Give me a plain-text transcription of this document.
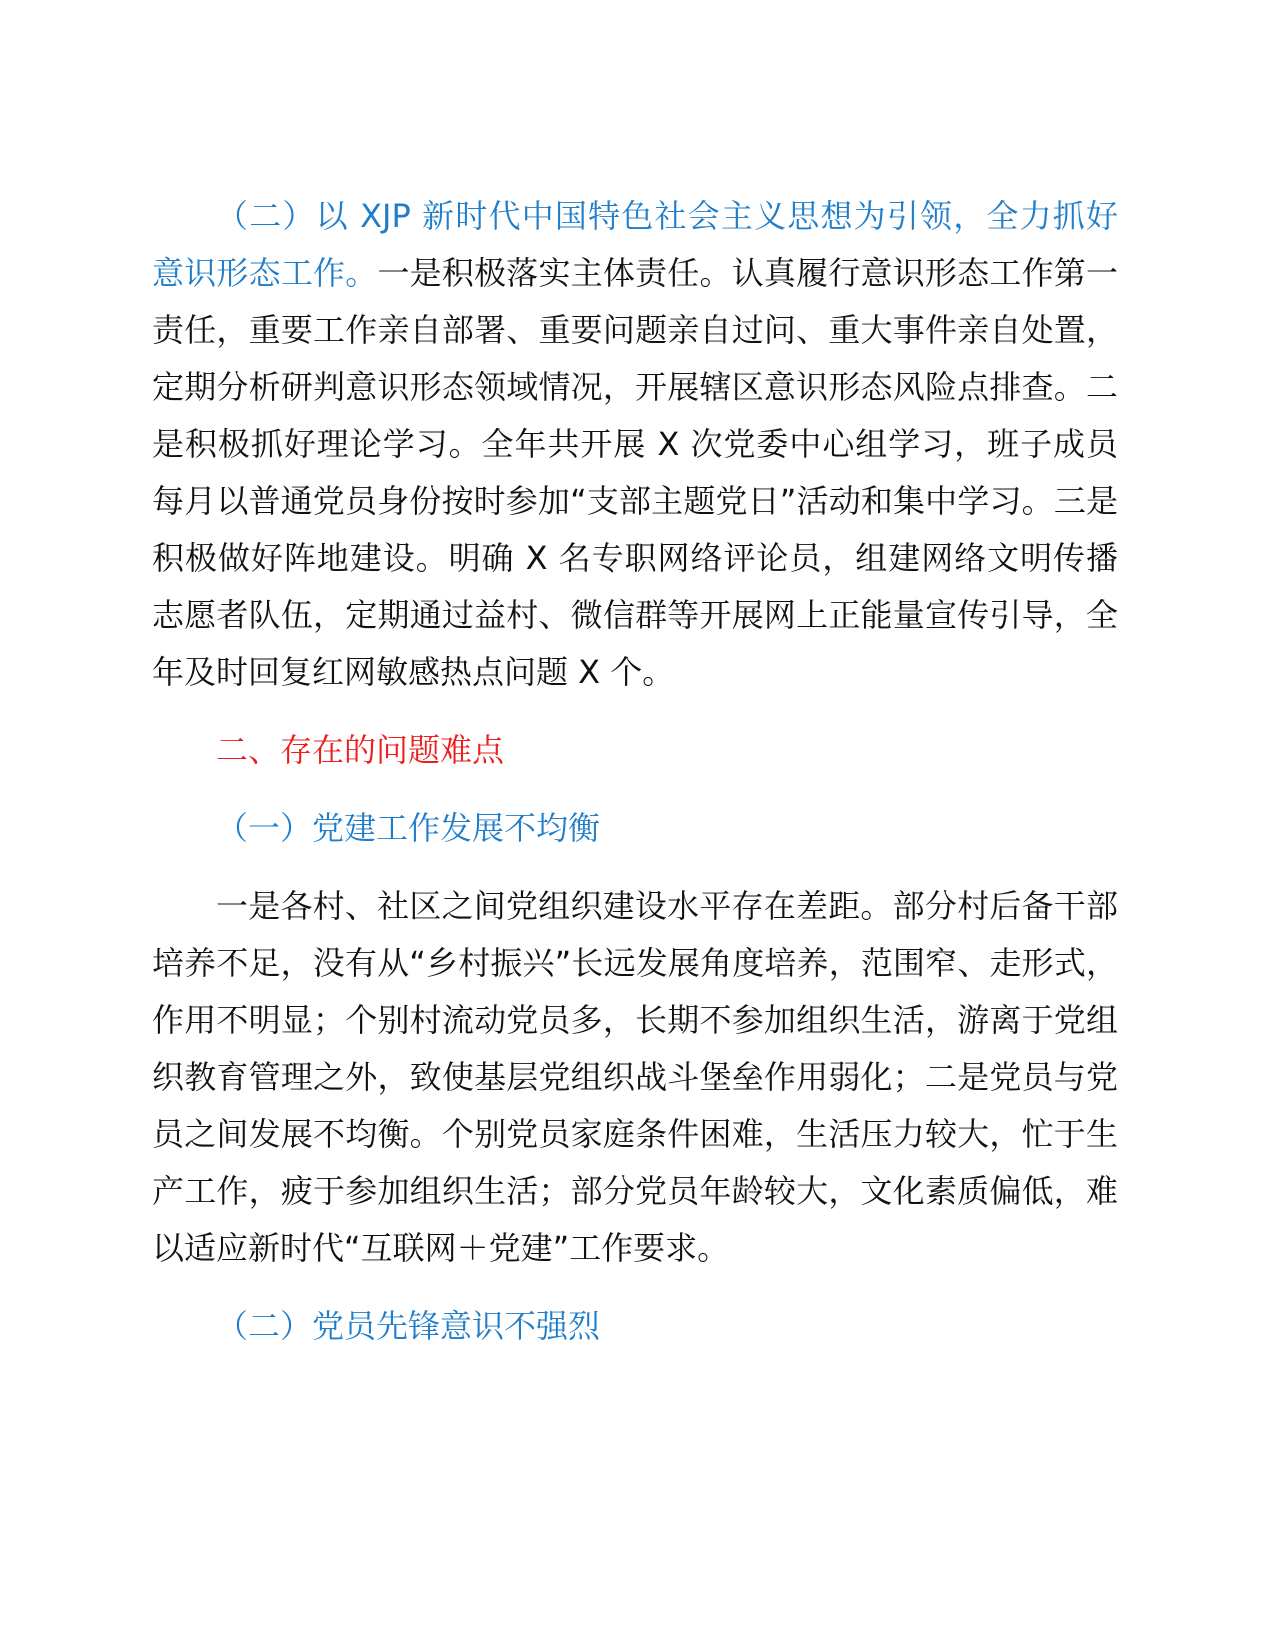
（二）以 XJP 新时代中国特色社会主义思想为引领，全力抓好意识形态工作。一是积极落实主体责任。认真履行意识形态工作第一责任，重要工作亲自部署、重要问题亲自过问、重大事件亲自处置，定期分析研判意识形态领域情况，开展辖区意识形态风险点排查。二是积极抓好理论学习。全年共开展 X 次党委中心组学习，班子成员每月以普通党员身份按时参加“支部主题党日”活动和集中学习。三是积极做好阵地建设。明确 X 名专职网络评论员，组建网络文明传播志愿者队伍，定期通过益村、微信群等开展网上正能量宣传引导，全年及时回复红网敏感热点问题 X 个。

二、存在的问题难点

（一）党建工作发展不均衡

一是各村、社区之间党组织建设水平存在差距。部分村后备干部培养不足，没有从“乡村振兴”长远发展角度培养，范围窄、走形式，作用不明显；个别村流动党员多，长期不参加组织生活，游离于党组织教育管理之外，致使基层党组织战斗堡垒作用弱化；二是党员与党员之间发展不均衡。个别党员家庭条件困难，生活压力较大，忙于生产工作，疲于参加组织生活；部分党员年龄较大，文化素质偏低，难以适应新时代“互联网＋党建”工作要求。

（二）党员先锋意识不强烈
